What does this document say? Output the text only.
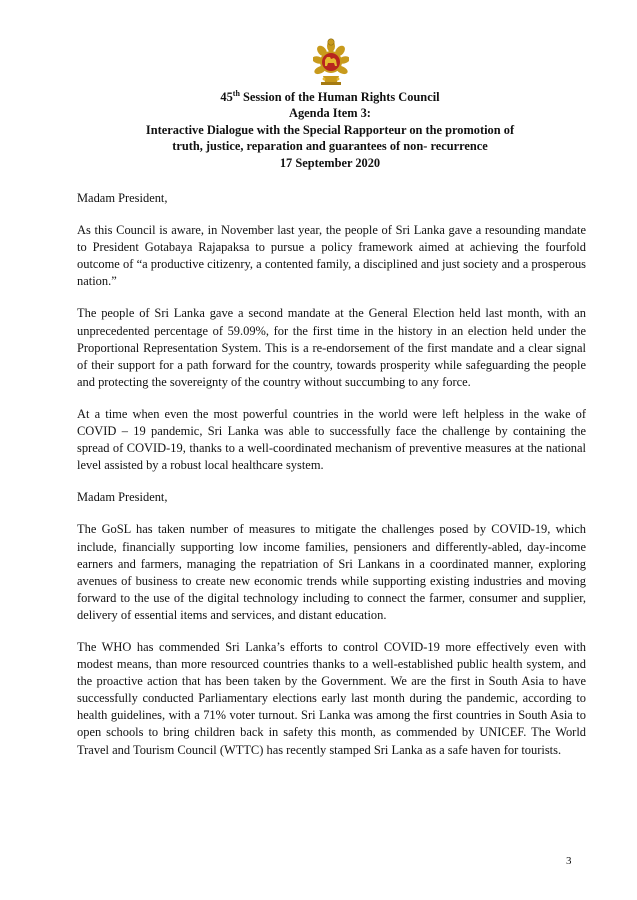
45th Session of the Human Rights Council
Agenda Item 3:
Interactive Dialogue with the Special Rapporteur on the promotion of
truth, justice, reparation and guarantees of non- recurrence
17 September 2020

Madam President,

As this Council is aware, in November last year, the people of Sri Lanka gave a resounding mandate to President Gotabaya Rajapaksa to pursue a policy framework aimed at achieving the fourfold outcome of “a productive citizenry, a contented family, a disciplined and just society and a prosperous nation.”

The people of Sri Lanka gave a second mandate at the General Election held last month, with an unprecedented percentage of 59.09%, for the first time in the history in an election held under the Proportional Representation System. This is a re-endorsement of the first mandate and a clear signal of their support for a path forward for the country, towards prosperity while safeguarding the people and protecting the sovereignty of the country without succumbing to any force.

At a time when even the most powerful countries in the world were left helpless in the wake of COVID – 19 pandemic, Sri Lanka was able to successfully face the challenge by containing the spread of COVID-19, thanks to a well-coordinated mechanism of preventive measures at the national level assisted by a robust local healthcare system.

Madam President,

The GoSL has taken number of measures to mitigate the challenges posed by COVID-19, which include, financially supporting low income families, pensioners and differently-abled, day-income earners and farmers, managing the repatriation of Sri Lankans in a coordinated manner, exploring avenues of business to create new economic trends while supporting existing industries and moving forward to the use of the digital technology including to connect the farmer, consumer and supplier, delivery of essential items and services, and distant education.

The WHO has commended Sri Lanka’s efforts to control COVID-19 more effectively even with modest means, than more resourced countries thanks to a well-established public health system, and the proactive action that has been taken by the Government. We are the first in South Asia to have successfully conducted Parliamentary elections early last month during the pandemic, according to health guidelines, with a 71% voter turnout. Sri Lanka was among the first countries in South Asia to open schools to bring children back in safety this month, as commended by UNICEF. The World Travel and Tourism Council (WTTC) has recently stamped Sri Lanka as a safe haven for tourists.

3
